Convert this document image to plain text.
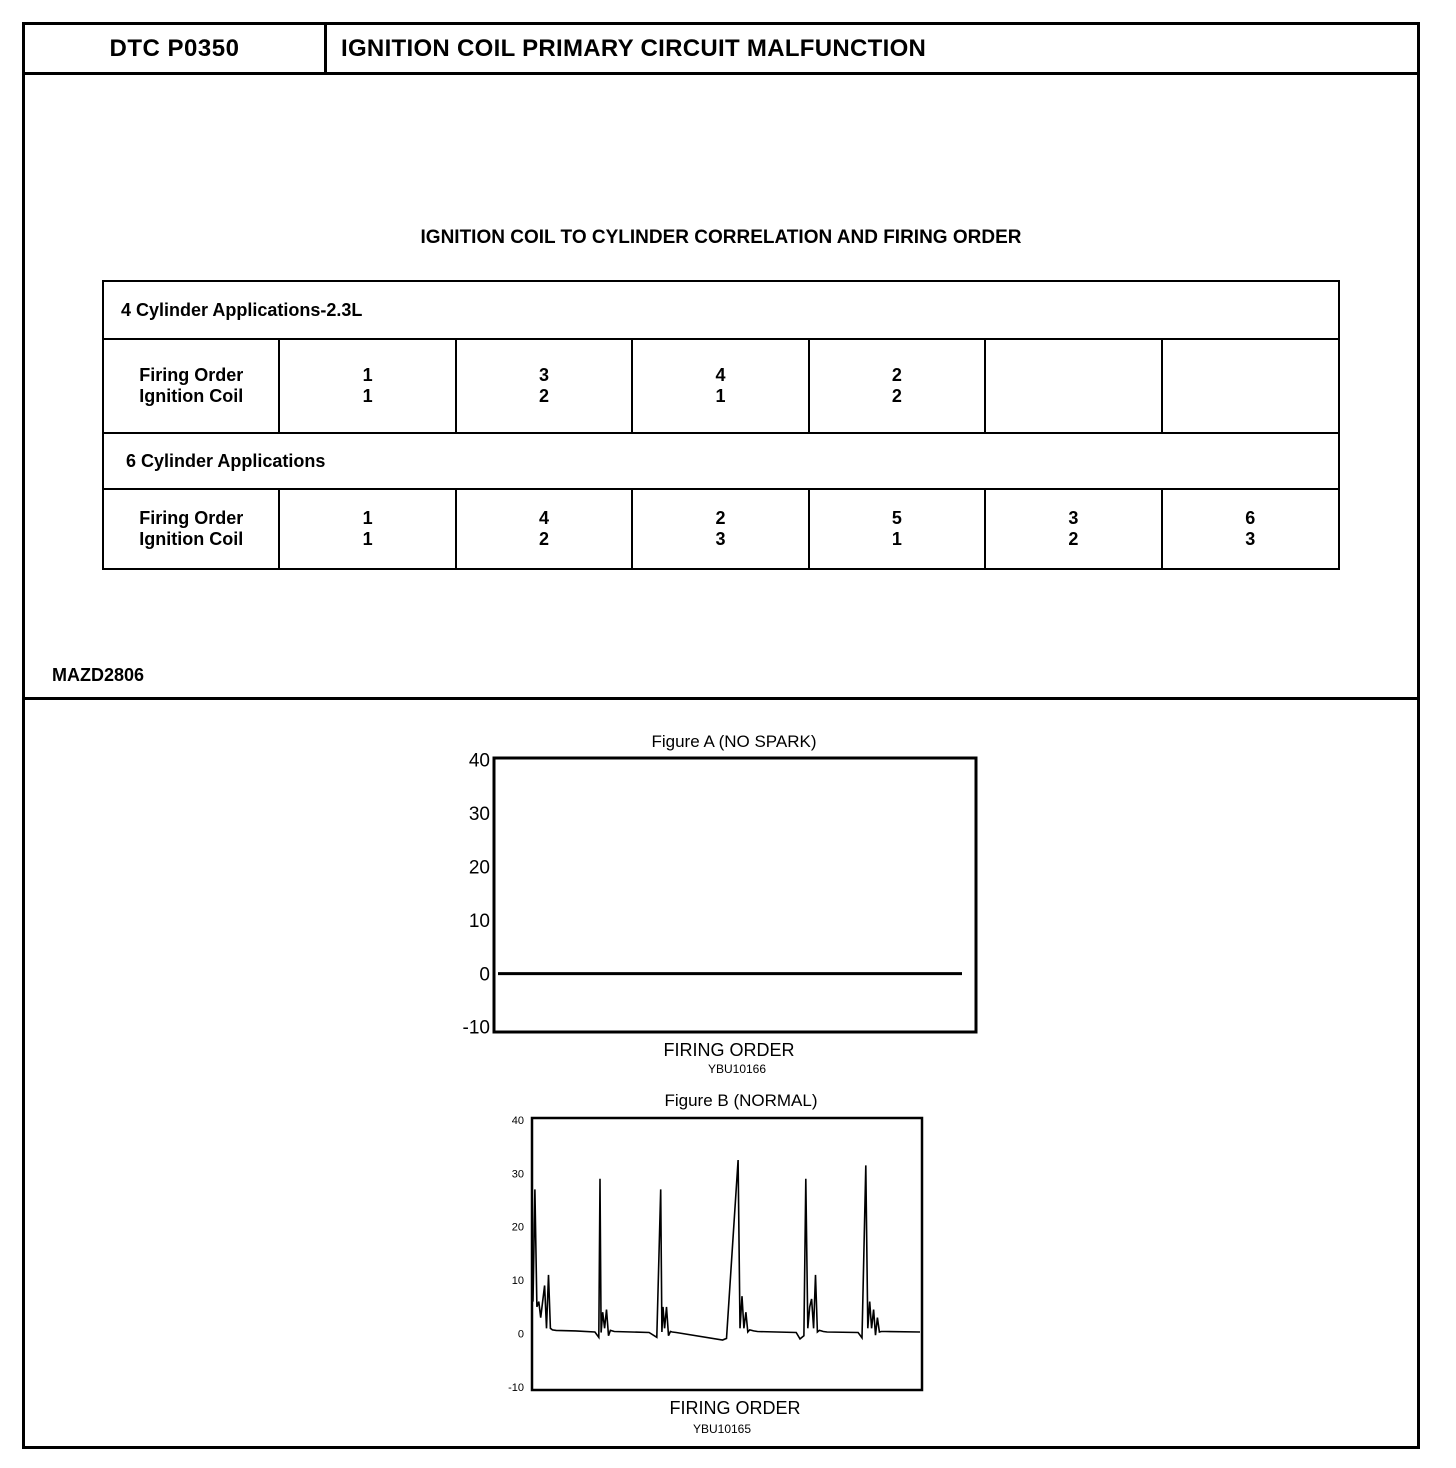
DTC P0350	IGNITION COIL PRIMARY CIRCUIT MALFUNCTION
IGNITION COIL TO CYLINDER CORRELATION AND FIRING ORDER
4 Cylinder Applications-2.3L
Firing Order
Ignition Coil
1
1
3
2
4
1
2
2
6 Cylinder Applications
Firing Order
Ignition Coil
1
1
4
2
2
3
5
1
3
2
6
3
MAZD2806
Figure A (NO SPARK)
40
30
20
10
0
-10
FIRING ORDER
YBU10166
Figure B (NORMAL)
40
30
20
10
0
-10
FIRING ORDER
YBU10165
